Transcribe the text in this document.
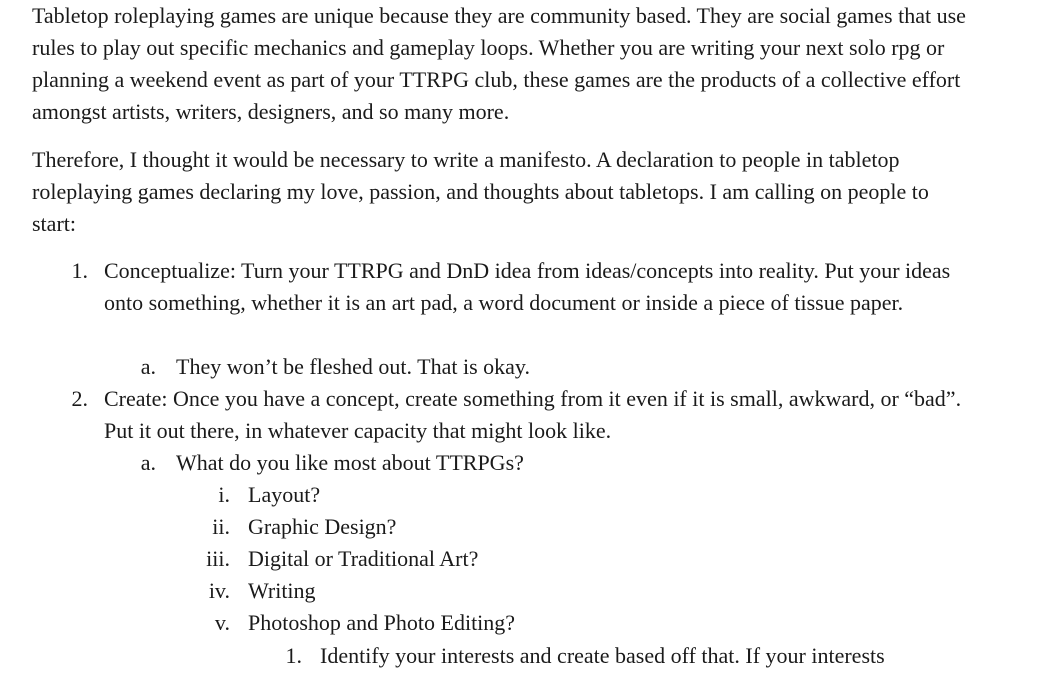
Tabletop roleplaying games are unique because they are community based. They are social games that use rules to play out specific mechanics and gameplay loops. Whether you are writing your next solo rpg or planning a weekend event as part of your TTRPG club, these games are the products of a collective effort amongst artists, writers, designers, and so many more.

Therefore, I thought it would be necessary to write a manifesto. A declaration to people in tabletop roleplaying games declaring my love, passion, and thoughts about tabletops. I am calling on people to start:

1. Conceptualize: Turn your TTRPG and DnD idea from ideas/concepts into reality. Put your ideas onto something, whether it is an art pad, a word document or inside a piece of tissue paper.
a. They won’t be fleshed out. That is okay.
2. Create: Once you have a concept, create something from it even if it is small, awkward, or “bad”. Put it out there, in whatever capacity that might look like.
a. What do you like most about TTRPGs?
i. Layout?
ii. Graphic Design?
iii. Digital or Traditional Art?
iv. Writing
v. Photoshop and Photo Editing?
1. Identify your interests and create based off that. If your interests
